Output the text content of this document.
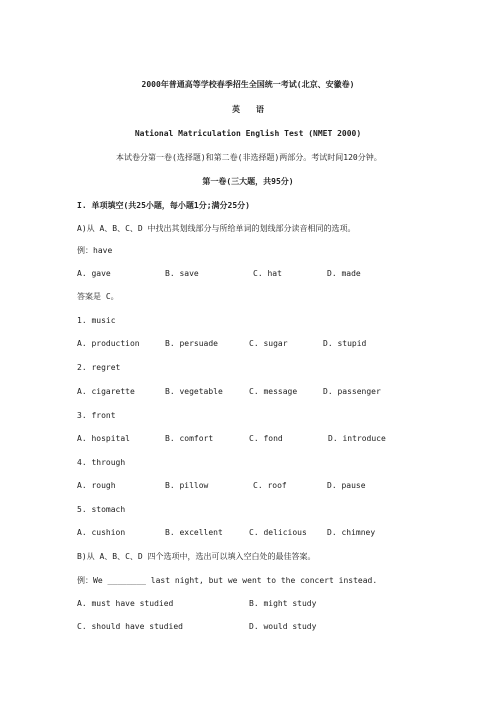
2000年普通高等学校春季招生全国统一考试(北京、安徽卷)
英　　语
National Matriculation English Test (NMET 2000)
本试卷分第一卷(选择题)和第二卷(非选择题)两部分。考试时间120分钟。
第一卷(三大题，共95分)
I. 单项填空(共25小题，每小题1分;满分25分)
A)从 A、B、C、D 中找出其划线部分与所给单词的划线部分读音相同的选项。
例：have
A. gave	B. save	C. hat	D. made
答案是 C。
1. music
A. production	B. persuade	C. sugar	D. stupid
2. regret
A. cigarette	B. vegetable	C. message	D. passenger
3. front
A. hospital	B. comfort	C. fond	D. introduce
4. through
A. rough	B. pillow	C. roof	D. pause
5. stomach
A. cushion	B. excellent	C. delicious	D. chimney
B)从 A、B、C、D 四个选项中，选出可以填入空白处的最佳答案。
例：We ________ last night, but we went to the concert instead.
A. must have studied	B. might study
C. should have studied	D. would study
